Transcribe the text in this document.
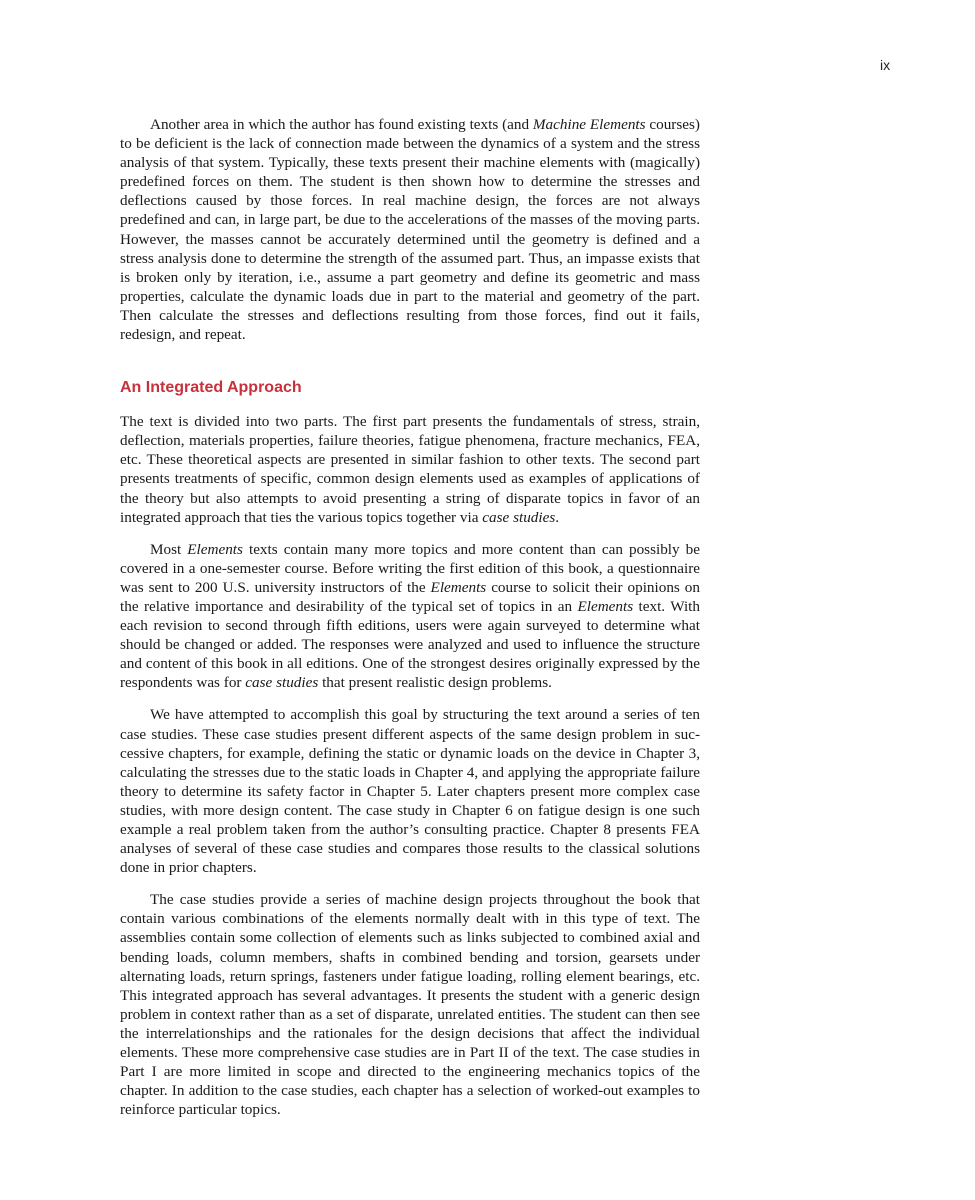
ix

Another area in which the author has found existing texts (and Machine Elements courses) to be deficient is the lack of connection made between the dynamics of a system and the stress analysis of that system. Typically, these texts present their machine elements with (magically) predefined forces on them. The student is then shown how to determine the stresses and deflections caused by those forces. In real machine design, the forces are not always predefined and can, in large part, be due to the accelerations of the masses of the moving parts. However, the masses cannot be accurately determined until the geometry is defined and a stress analysis done to determine the strength of the assumed part. Thus, an impasse exists that is broken only by iteration, i.e., assume a part geometry and define its geometric and mass properties, calculate the dynamic loads due in part to the material and geometry of the part. Then calculate the stresses and deflections resulting from those forces, find out it fails, redesign, and repeat.

An Integrated Approach

The text is divided into two parts. The first part presents the fundamentals of stress, strain, deflection, materials properties, failure theories, fatigue phenomena, fracture mechanics, FEA, etc. These theoretical aspects are presented in similar fashion to other texts. The second part presents treatments of specific, common design elements used as examples of applications of the theory but also attempts to avoid presenting a string of disparate topics in favor of an integrated approach that ties the various topics together via case studies.

Most Elements texts contain many more topics and more content than can possibly be covered in a one-semester course. Before writing the first edition of this book, a questionnaire was sent to 200 U.S. university instructors of the Elements course to solicit their opinions on the relative importance and desirability of the typical set of topics in an Elements text. With each revision to second through fifth editions, users were again surveyed to determine what should be changed or added. The responses were analyzed and used to influence the structure and content of this book in all editions. One of the strongest desires originally expressed by the respondents was for case studies that present realistic design problems.

We have attempted to accomplish this goal by structuring the text around a series of ten case studies. These case studies present different aspects of the same design problem in successive chapters, for example, defining the static or dynamic loads on the device in Chapter 3, calculating the stresses due to the static loads in Chapter 4, and applying the appropriate failure theory to determine its safety factor in Chapter 5. Later chapters present more complex case studies, with more design content. The case study in Chapter 6 on fatigue design is one such example a real problem taken from the author’s consulting practice. Chapter 8 presents FEA analyses of several of these case studies and compares those results to the classical solutions done in prior chapters.

The case studies provide a series of machine design projects throughout the book that contain various combinations of the elements normally dealt with in this type of text. The assemblies contain some collection of elements such as links subjected to combined axial and bending loads, column members, shafts in combined bending and torsion, gearsets under alternating loads, return springs, fasteners under fatigue loading, rolling element bearings, etc. This integrated approach has several advantages. It presents the student with a generic design problem in context rather than as a set of disparate, unrelated entities. The student can then see the interrelationships and the rationales for the design decisions that affect the individual elements. These more comprehensive case studies are in Part II of the text. The case studies in Part I are more limited in scope and directed to the engineering mechanics topics of the chapter. In addition to the case studies, each chapter has a selection of worked-out examples to reinforce particular topics.
